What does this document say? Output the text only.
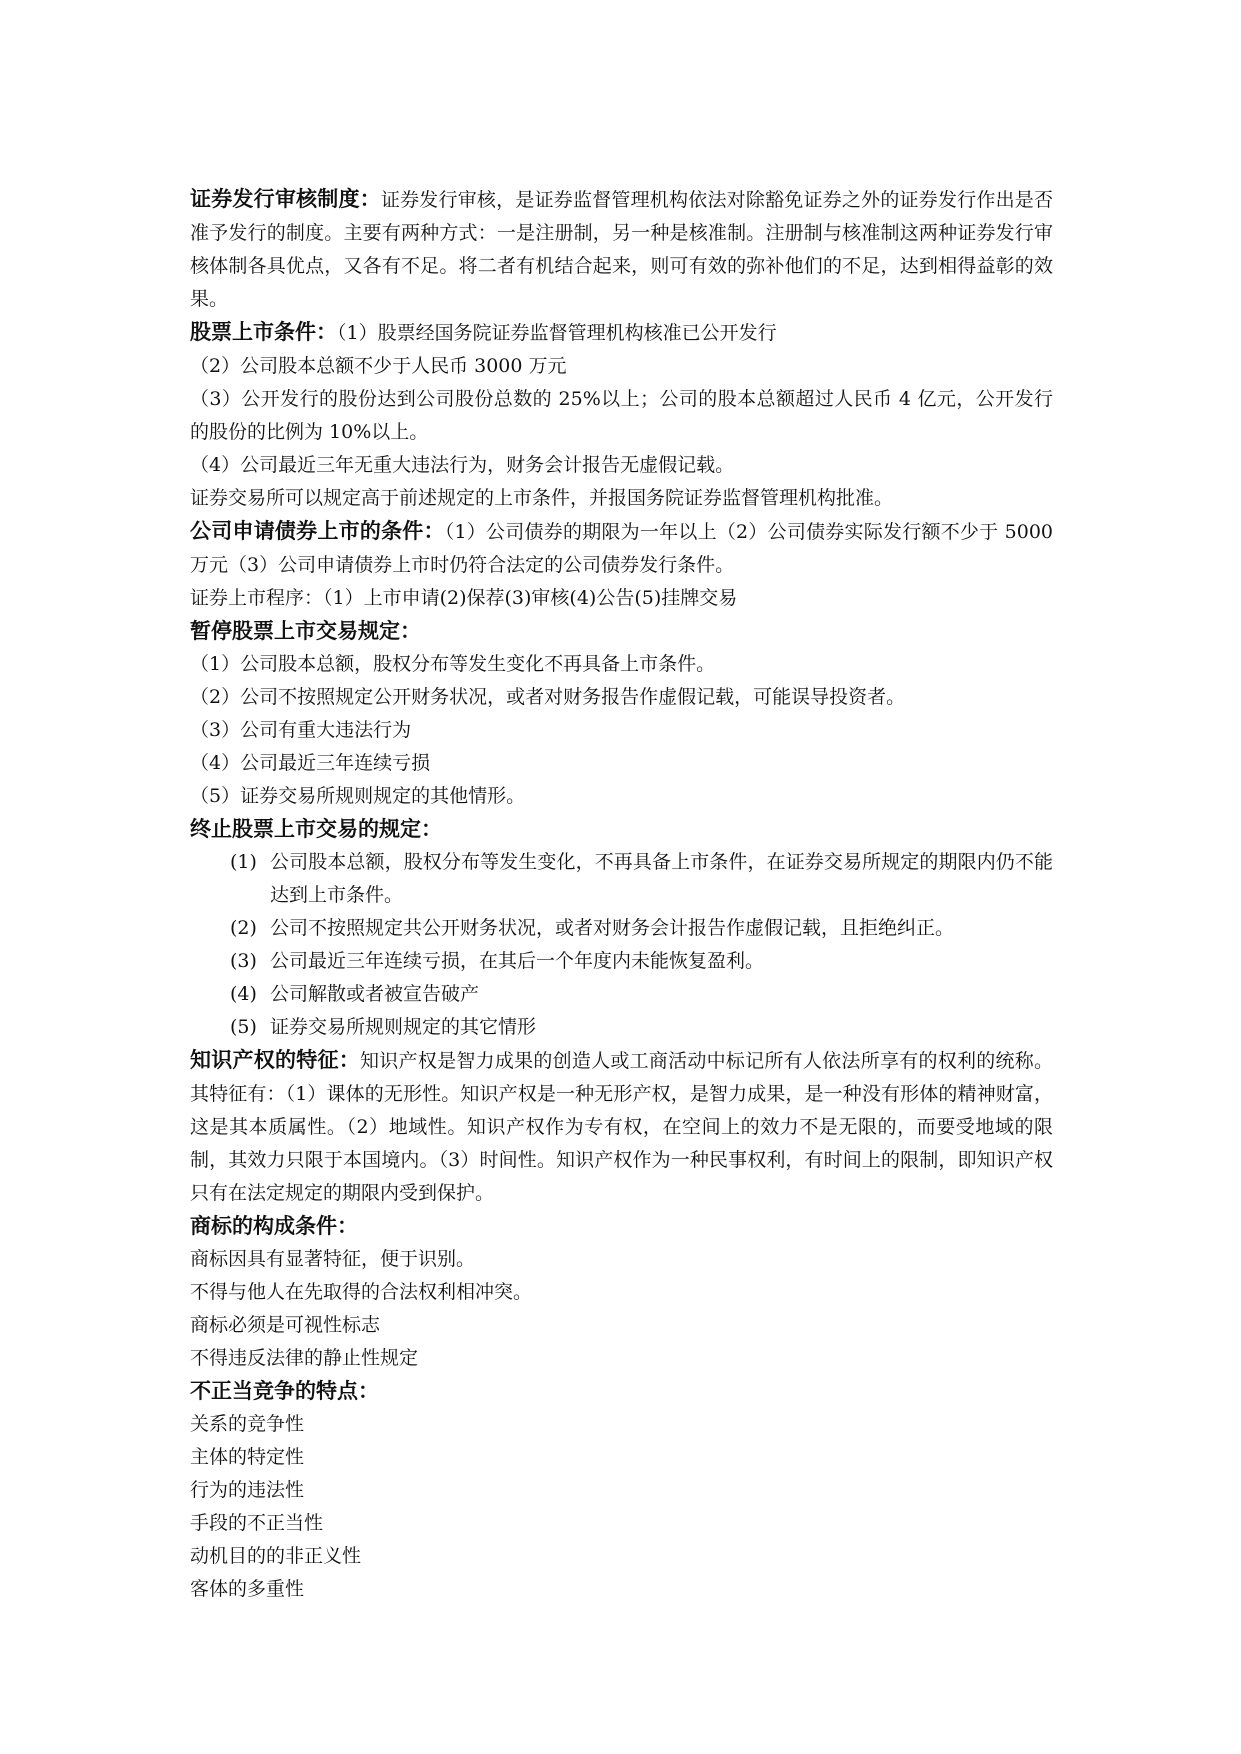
证券发行审核制度：证券发行审核，是证券监督管理机构依法对除豁免证券之外的证券发行作出是否准予发行的制度。主要有两种方式：一是注册制，另一种是核准制。注册制与核准制这两种证券发行审核体制各具优点，又各有不足。将二者有机结合起来，则可有效的弥补他们的不足，达到相得益彰的效果。

股票上市条件：（1）股票经国务院证券监督管理机构核准已公开发行

（2）公司股本总额不少于人民币 3000 万元

（3）公开发行的股份达到公司股份总数的 25%以上；公司的股本总额超过人民币 4 亿元，公开发行的股份的比例为 10%以上。

（4）公司最近三年无重大违法行为，财务会计报告无虚假记载。

证券交易所可以规定高于前述规定的上市条件，并报国务院证券监督管理机构批准。

公司申请债券上市的条件：（1）公司债券的期限为一年以上（2）公司债券实际发行额不少于 5000 万元（3）公司申请债券上市时仍符合法定的公司债券发行条件。

证券上市程序：（1）上市申请(2)保荐(3)审核(4)公告(5)挂牌交易

暂停股票上市交易规定：

（1）公司股本总额，股权分布等发生变化不再具备上市条件。

（2）公司不按照规定公开财务状况，或者对财务报告作虚假记载，可能误导投资者。

（3）公司有重大违法行为

（4）公司最近三年连续亏损

（5）证券交易所规则规定的其他情形。

终止股票上市交易的规定：

(1) 公司股本总额，股权分布等发生变化，不再具备上市条件，在证券交易所规定的期限内仍不能达到上市条件。
(2) 公司不按照规定共公开财务状况，或者对财务会计报告作虚假记载，且拒绝纠正。
(3) 公司最近三年连续亏损，在其后一个年度内未能恢复盈利。
(4) 公司解散或者被宣告破产
(5) 证券交易所规则规定的其它情形

知识产权的特征：知识产权是智力成果的创造人或工商活动中标记所有人依法所享有的权利的统称。其特征有：（1）课体的无形性。知识产权是一种无形产权，是智力成果，是一种没有形体的精神财富，这是其本质属性。（2）地域性。知识产权作为专有权，在空间上的效力不是无限的，而要受地域的限制，其效力只限于本国境内。（3）时间性。知识产权作为一种民事权利，有时间上的限制，即知识产权只有在法定规定的期限内受到保护。

商标的构成条件：

商标因具有显著特征，便于识别。

不得与他人在先取得的合法权利相冲突。

商标必须是可视性标志

不得违反法律的静止性规定

不正当竞争的特点：

关系的竞争性

主体的特定性

行为的违法性

手段的不正当性

动机目的的非正义性

客体的多重性
